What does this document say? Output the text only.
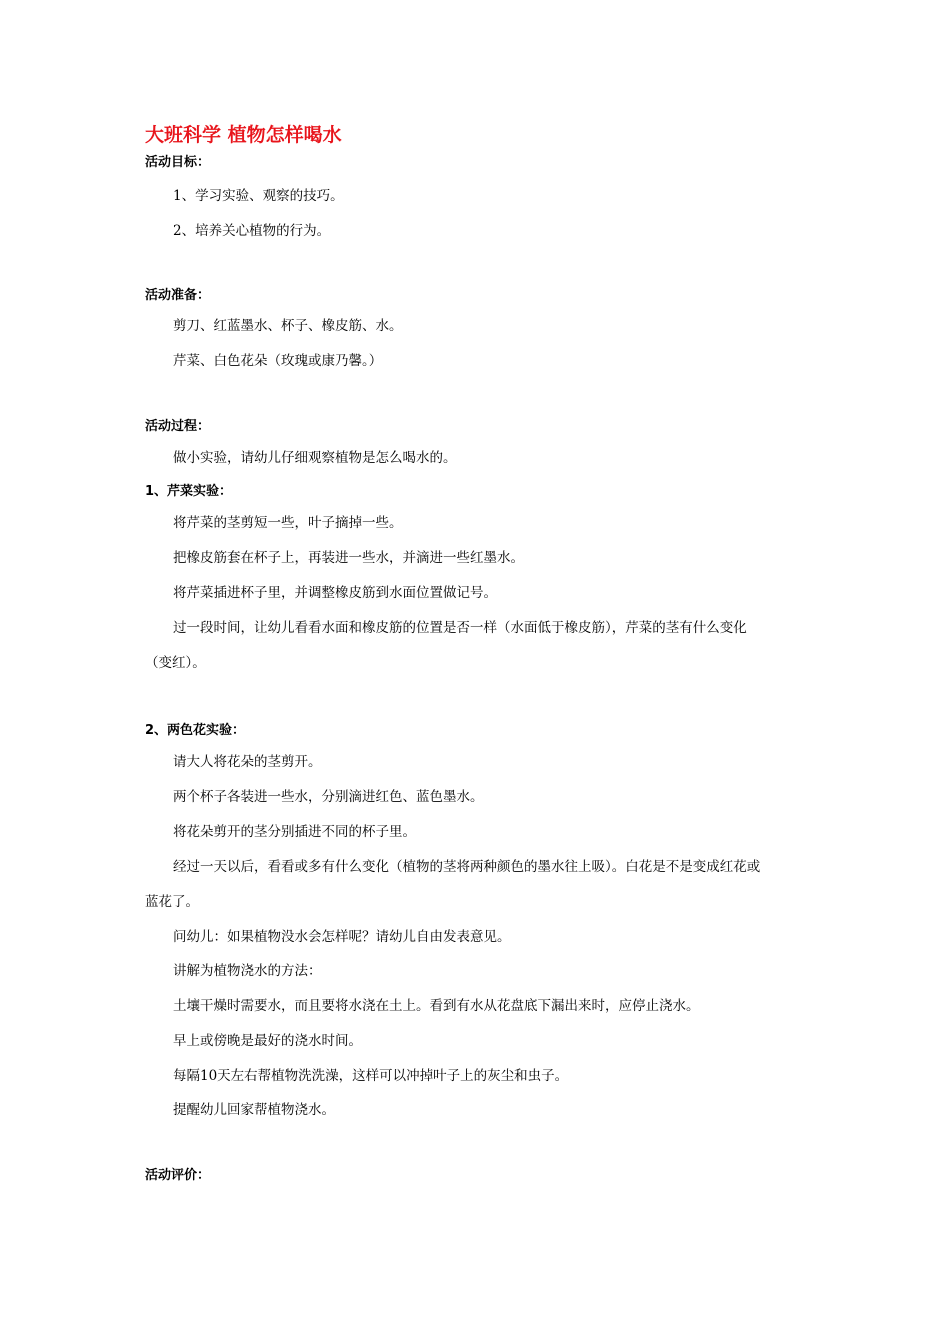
大班科学 植物怎样喝水
活动目标：
1、学习实验、观察的技巧。
2、培养关心植物的行为。
活动准备：
剪刀、红蓝墨水、杯子、橡皮筋、水。
芹菜、白色花朵（玫瑰或康乃馨。）
活动过程：
做小实验，请幼儿仔细观察植物是怎么喝水的。
1、芹菜实验：
将芹菜的茎剪短一些，叶子摘掉一些。
把橡皮筋套在杯子上，再装进一些水，并滴进一些红墨水。
将芹菜插进杯子里，并调整橡皮筋到水面位置做记号。
过一段时间，让幼儿看看水面和橡皮筋的位置是否一样（水面低于橡皮筋），芹菜的茎有什么变化
（变红）。
2、两色花实验：
请大人将花朵的茎剪开。
两个杯子各装进一些水，分别滴进红色、蓝色墨水。
将花朵剪开的茎分别插进不同的杯子里。
经过一天以后，看看或多有什么变化（植物的茎将两种颜色的墨水往上吸）。白花是不是变成红花或
蓝花了。
问幼儿：如果植物没水会怎样呢？请幼儿自由发表意见。
讲解为植物浇水的方法：
土壤干燥时需要水，而且要将水浇在土上。看到有水从花盘底下漏出来时，应停止浇水。
早上或傍晚是最好的浇水时间。
每隔10天左右帮植物洗洗澡，这样可以冲掉叶子上的灰尘和虫子。
提醒幼儿回家帮植物浇水。
活动评价：
